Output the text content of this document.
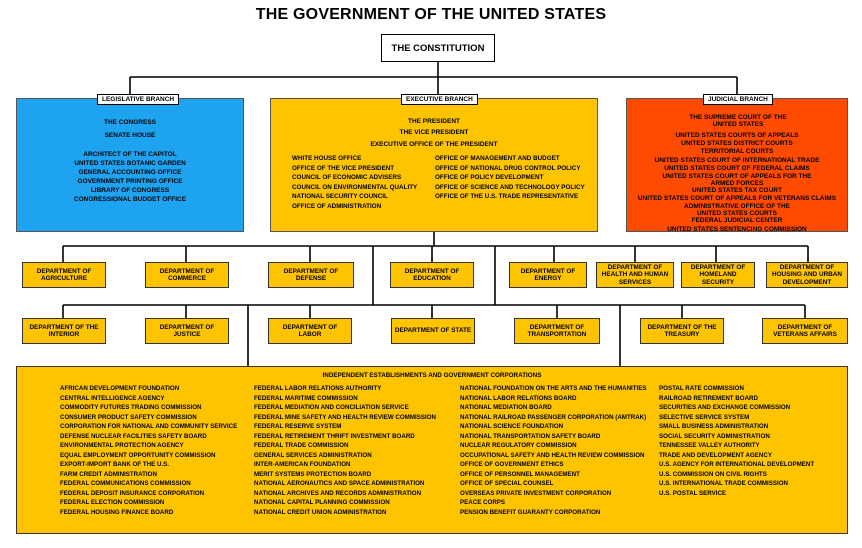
THE GOVERNMENT OF THE UNITED STATES
THE CONSTITUTION
LEGISLATIVE BRANCH
THE CONGRESS
SENATE HOUSE
ARCHITECT OF THE CAPITOL
UNITED STATES BOTANIC GARDEN
GENERAL ACCOUNTING OFFICE
GOVERNMENT PRINTING OFFICE
LIBRARY OF CONGRESS
CONGRESSIONAL BUDGET OFFICE
EXECUTIVE BRANCH
THE PRESIDENT
THE VICE PRESIDENT
EXECUTIVE OFFICE OF THE PRESIDENT
WHITE HOUSE OFFICE
OFFICE OF THE VICE PRESIDENT
COUNCIL OF ECONOMIC ADVISERS
COUNCIL ON ENVIRONMENTAL QUALITY
NATIONAL SECURITY COUNCIL
OFFICE OF ADMINISTRATION
OFFICE OF MANAGEMENT AND BUDGET
OFFICE OF NATIONAL DRUG CONTROL POLICY
OFFICE OF POLICY DEVELOPMENT
OFFICE OF SCIENCE AND TECHNOLOGY POLICY
OFFICE OF THE U.S. TRADE REPRESENTATIVE
JUDICIAL BRANCH
THE SUPREME COURT OF THE UNITED STATES
UNITED STATES COURTS OF APPEALS
UNITED STATES DISTRICT COURTS
TERRITORIAL COURTS
UNITED STATES COURT OF INTERNATIONAL TRADE
UNITED STATES COURT OF FEDERAL CLAIMS
UNITED STATES COURT OF APPEALS FOR THE ARMED FORCES
UNITED STATES TAX COURT
UNITED STATES COURT OF APPEALS FOR VETERANS CLAIMS
ADMINISTRATIVE OFFICE OF THE UNITED STATES COURTS
FEDERAL JUDICIAL CENTER
UNITED STATES SENTENCING COMMISSION
DEPARTMENT OF AGRICULTURE
DEPARTMENT OF COMMERCE
DEPARTMENT OF DEFENSE
DEPARTMENT OF EDUCATION
DEPARTMENT OF ENERGY
DEPARTMENT OF HEALTH AND HUMAN SERVICES
DEPARTMENT OF HOMELAND SECURITY
DEPARTMENT OF HOUSING AND URBAN DEVELOPMENT
DEPARTMENT OF THE INTERIOR
DEPARTMENT OF JUSTICE
DEPARTMENT OF LABOR
DEPARTMENT OF STATE
DEPARTMENT OF TRANSPORTATION
DEPARTMENT OF THE TREASURY
DEPARTMENT OF VETERANS AFFAIRS
INDEPENDENT ESTABLISHMENTS AND GOVERNMENT CORPORATIONS
AFRICAN DEVELOPMENT FOUNDATION
CENTRAL INTELLIGENCE AGENCY
COMMODITY FUTURES TRADING COMMISSION
CONSUMER PRODUCT SAFETY COMMISSION
CORPORATION FOR NATIONAL AND COMMUNITY SERVICE
DEFENSE NUCLEAR FACILITIES SAFETY BOARD
ENVIRONMENTAL PROTECTION AGENCY
EQUAL EMPLOYMENT OPPORTUNITY COMMISSION
EXPORT-IMPORT BANK OF THE U.S.
FARM CREDIT ADMINISTRATION
FEDERAL COMMUNICATIONS COMMISSION
FEDERAL DEPOSIT INSURANCE CORPORATION
FEDERAL ELECTION COMMISSION
FEDERAL HOUSING FINANCE BOARD
FEDERAL LABOR RELATIONS AUTHORITY
FEDERAL MARITIME COMMISSION
FEDERAL MEDIATION AND CONCILIATION SERVICE
FEDERAL MINE SAFETY AND HEALTH REVIEW COMMISSION
FEDERAL RESERVE SYSTEM
FEDERAL RETIREMENT THRIFT INVESTMENT BOARD
FEDERAL TRADE COMMISSION
GENERAL SERVICES ADMINISTRATION
INTER-AMERICAN FOUNDATION
MERIT SYSTEMS PROTECTION BOARD
NATIONAL AERONAUTICS AND SPACE ADMINISTRATION
NATIONAL ARCHIVES AND RECORDS ADMINISTRATION
NATIONAL CAPITAL PLANNING COMMISSION
NATIONAL CREDIT UNION ADMINISTRATION
NATIONAL FOUNDATION ON THE ARTS AND THE HUMANITIES
NATIONAL LABOR RELATIONS BOARD
NATIONAL MEDIATION BOARD
NATIONAL RAILROAD PASSENGER CORPORATION (AMTRAK)
NATIONAL SCIENCE FOUNDATION
NATIONAL TRANSPORTATION SAFETY BOARD
NUCLEAR REGULATORY COMMISSION
OCCUPATIONAL SAFETY AND HEALTH REVIEW COMMISSION
OFFICE OF GOVERNMENT ETHICS
OFFICE OF PERSONNEL MANAGEMENT
OFFICE OF SPECIAL COUNSEL
OVERSEAS PRIVATE INVESTMENT CORPORATION
PEACE CORPS
PENSION BENEFIT GUARANTY CORPORATION
POSTAL RATE COMMISSION
RAILROAD RETIREMENT BOARD
SECURITIES AND EXCHANGE COMMISSION
SELECTIVE SERVICE SYSTEM
SMALL BUSINESS ADMINISTRATION
SOCIAL SECURITY ADMINISTRATION
TENNESSEE VALLEY AUTHORITY
TRADE AND DEVELOPMENT AGENCY
U.S. AGENCY FOR INTERNATIONAL DEVELOPMENT
U.S. COMMISSION ON CIVIL RIGHTS
U.S. INTERNATIONAL TRADE COMMISSION
U.S. POSTAL SERVICE
